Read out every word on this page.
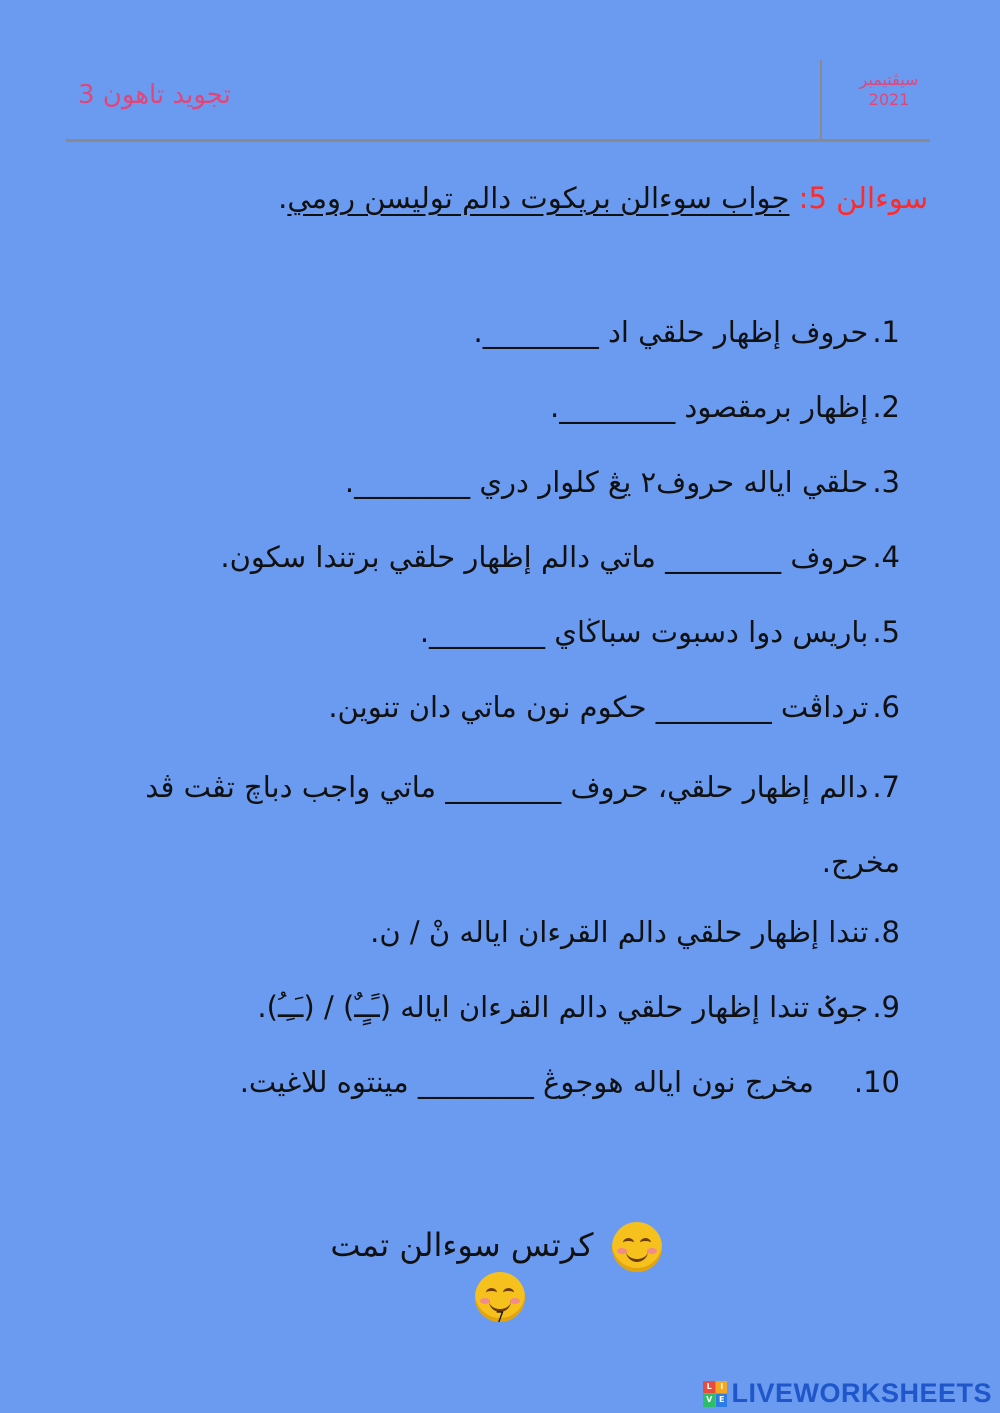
سيڤتيمبر
2021
تجويد تاهون 3
سوءالن 5: جواب سوءالن بريكوت دالم توليسن رومي.
1.حروف إظهار حلقي اد ________.
2.إظهار برمقصود ________.
3.حلقي اياله حروف٢ يڠ كلوار دري ________.
4.حروف ________ ماتي دالم إظهار حلقي برتندا سكون.
5.باريس دوا دسبوت سباڬاي ________.
6.ترداڤت ________ حكوم نون ماتي دان تنوين.
7.دالم إظهار حلقي، حروف ________ ماتي واجب دباچ تڤت ڤد مخرج.
8.تندا إظهار حلقي دالم القرءان اياله نْ / ن.
9.جوݢ تندا إظهار حلقي دالم القرءان اياله (ـًـٍـٌ) / (ـَـِـُ).
10.مخرج نون اياله هوجوڠ ________ مينتوه للاغيت.
كرتس سوءالن تمت
7
L	I
V E LIVEWORKSHEETS
